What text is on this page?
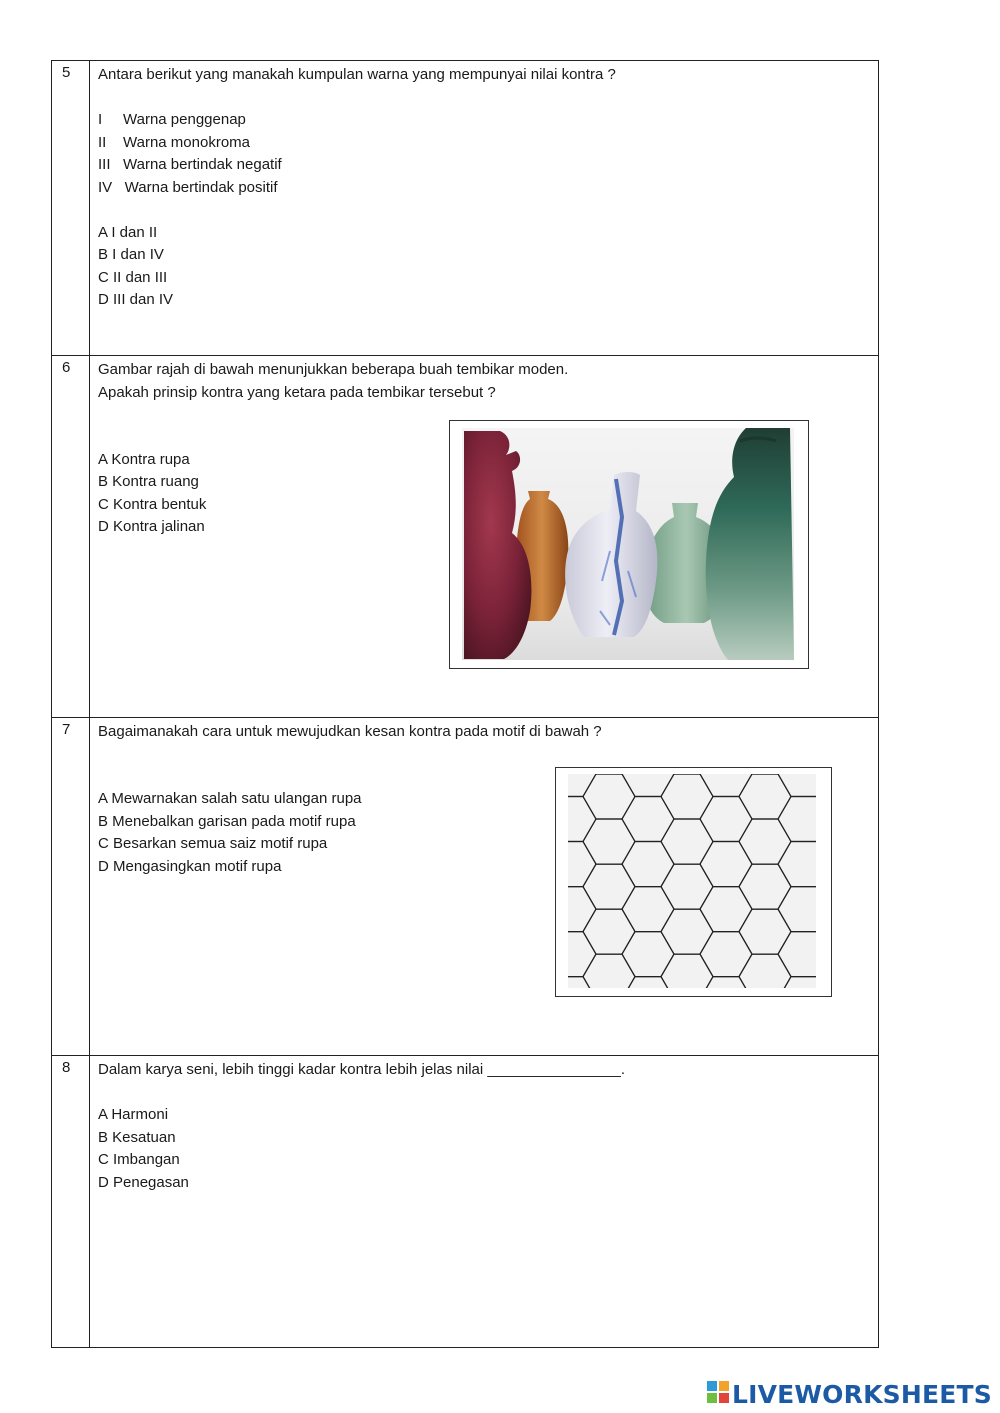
5 Antara berikut yang manakah kumpulan warna yang mempunyai nilai kontra ?
I     Warna penggenap
II    Warna monokroma
III   Warna bertindak negatif
IV   Warna bertindak positif
A I dan II
B I dan IV
C II dan III
D III dan IV
6 Gambar rajah di bawah menunjukkan beberapa buah tembikar moden.
Apakah prinsip kontra yang ketara pada tembikar tersebut ?
A Kontra rupa
B Kontra ruang
C Kontra bentuk
D Kontra jalinan
7 Bagaimanakah cara untuk mewujudkan kesan kontra pada motif di bawah ?
A Mewarnakan salah satu ulangan rupa
B Menebalkan garisan pada motif rupa
C Besarkan semua saiz motif rupa
D Mengasingkan motif rupa
8 Dalam karya seni, lebih tinggi kadar kontra lebih jelas nilai ________________.
A Harmoni
B Kesatuan
C Imbangan
D Penegasan
LIVEWORKSHEETS
